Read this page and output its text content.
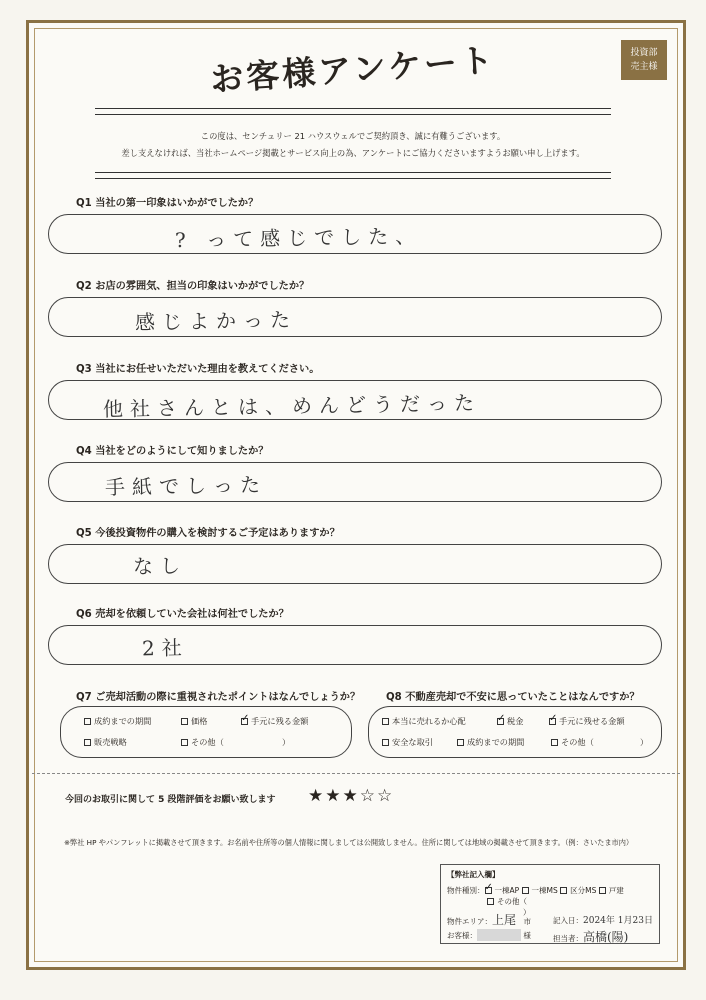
お客様アンケート	投資部
売主様
この度は、センチュリー 21 ハウスウェルでご契約頂き、誠に有難うございます。
差し支えなければ、当社ホームページ掲載とサービス向上の為、アンケートにご協力くださいますようお願い申し上げます。
Q1 当社の第一印象はいかがでしたか？
? って感じでした、
Q2 お店の雰囲気、担当の印象はいかがでしたか？
感じよかった
Q3 当社にお任せいただいた理由を教えてください。
他社さんとは、めんどうだった
Q4 当社をどのようにして知りましたか？
手紙でしった
Q5 今後投資物件の購入を検討するご予定はありますか？
なし
Q6 売却を依頼していた会社は何社でしたか？
2社
Q7 ご売却活動の際に重視されたポイントはなんでしょうか？
成約までの期間	価格 ✓	手元に残る金額
販売戦略	その他（	）
Q8 不動産売却で不安に思っていたことはなんですか？
本当に売れるか心配 ✓	税金 ✓	手元に残せる金額
安全な取引	成約までの期間	その他（	）
今回のお取引に関して 5 段階評価をお願い致します ★★★☆☆
※弊社 HP やパンフレットに掲載させて頂きます。お名前や住所等の個人情報に関しましては公開致しません。住所に関しては地域の掲載させて頂きます。（例：さいたま市内）
【弊社記入欄】
物件種別： ✓ 一棟AP 一棟MS 区分MS 戸建
その他（
）
物件エリア：上尾　 市	記入日：2024年 1月23日
お客様：	様	担当者：高橋(陽)
